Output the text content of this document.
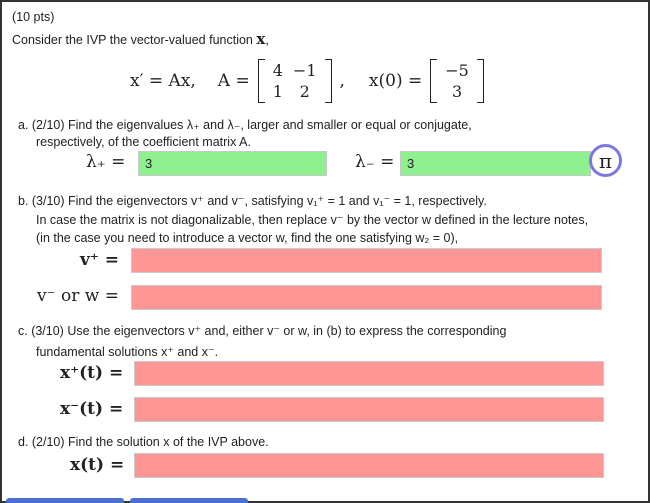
(10 pts)
Consider the IVP the vector-valued function x,
x′ = Ax, A =
4 −1
1	2
, x(0) =
−5
3
a. (2/10) Find the eigenvalues λ₊ and λ₋, larger and smaller or equal or conjugate,
respectively, of the coefficient matrix A.
λ₊ =	3	λ₋ = 3	π
b. (3/10) Find the eigenvectors v⁺ and v⁻, satisfying v₁⁺ = 1 and v₁⁻ = 1, respectively.
In case the matrix is not diagonalizable, then replace v⁻ by the vector w defined in the lecture notes,
(in the case you need to introduce a vector w, find the one satisfying w₂ = 0),
v⁺ =
v⁻ or w =
c. (3/10) Use the eigenvectors v⁺ and, either v⁻ or w, in (b) to express the corresponding
fundamental solutions x⁺ and x⁻.
x⁺(t) =
x⁻(t) =
d. (2/10) Find the solution x of the IVP above.
x(t) =
